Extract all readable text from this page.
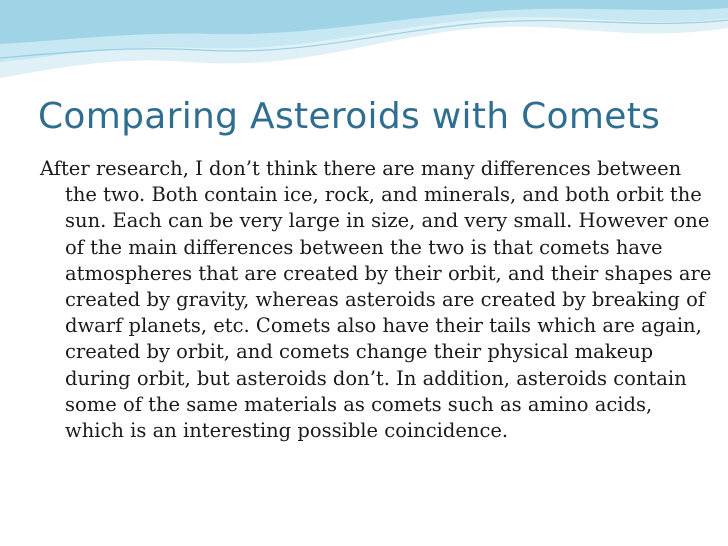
Comparing Asteroids with Comets

After research, I don’t think there are many differences between the two. Both contain ice, rock, and minerals, and both orbit the sun. Each can be very large in size, and very small. However one of the main differences between the two is that comets have atmospheres that are created by their orbit, and their shapes are created by gravity, whereas asteroids are created by breaking of dwarf planets, etc. Comets also have their tails which are again, created by orbit, and comets change their physical makeup during orbit, but asteroids don’t. In addition, asteroids contain some of the same materials as comets such as amino acids, which is an interesting possible coincidence.
